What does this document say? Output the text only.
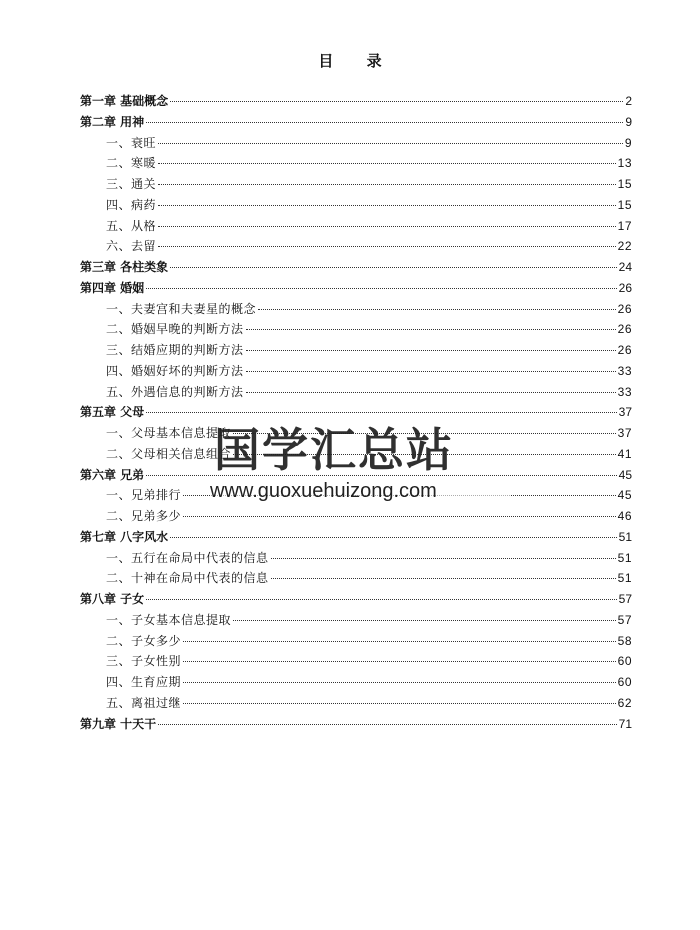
目 录
第一章 基础概念	2
第二章 用神	9
一、衰旺	9
二、寒暖	13
三、通关	15
四、病药	15
五、从格	17
六、去留	22
第三章 各柱类象	24
第四章 婚姻	26
一、夫妻宫和夫妻星的概念	26
二、婚姻早晚的判断方法	26
三、结婚应期的判断方法	26
四、婚姻好坏的判断方法	33
五、外遇信息的判断方法	33
第五章 父母	37
一、父母基本信息提取	37
二、父母相关信息组合	41
第六章 兄弟	45
一、兄弟排行	45
二、兄弟多少	46
第七章 八字风水	51
一、五行在命局中代表的信息	51
二、十神在命局中代表的信息	51
第八章 子女	57
一、子女基本信息提取	57
二、子女多少	58
三、子女性别	60
四、生育应期	60
五、离祖过继	62
第九章 十天干	71
国学汇总站
www.guoxuehuizong.com
